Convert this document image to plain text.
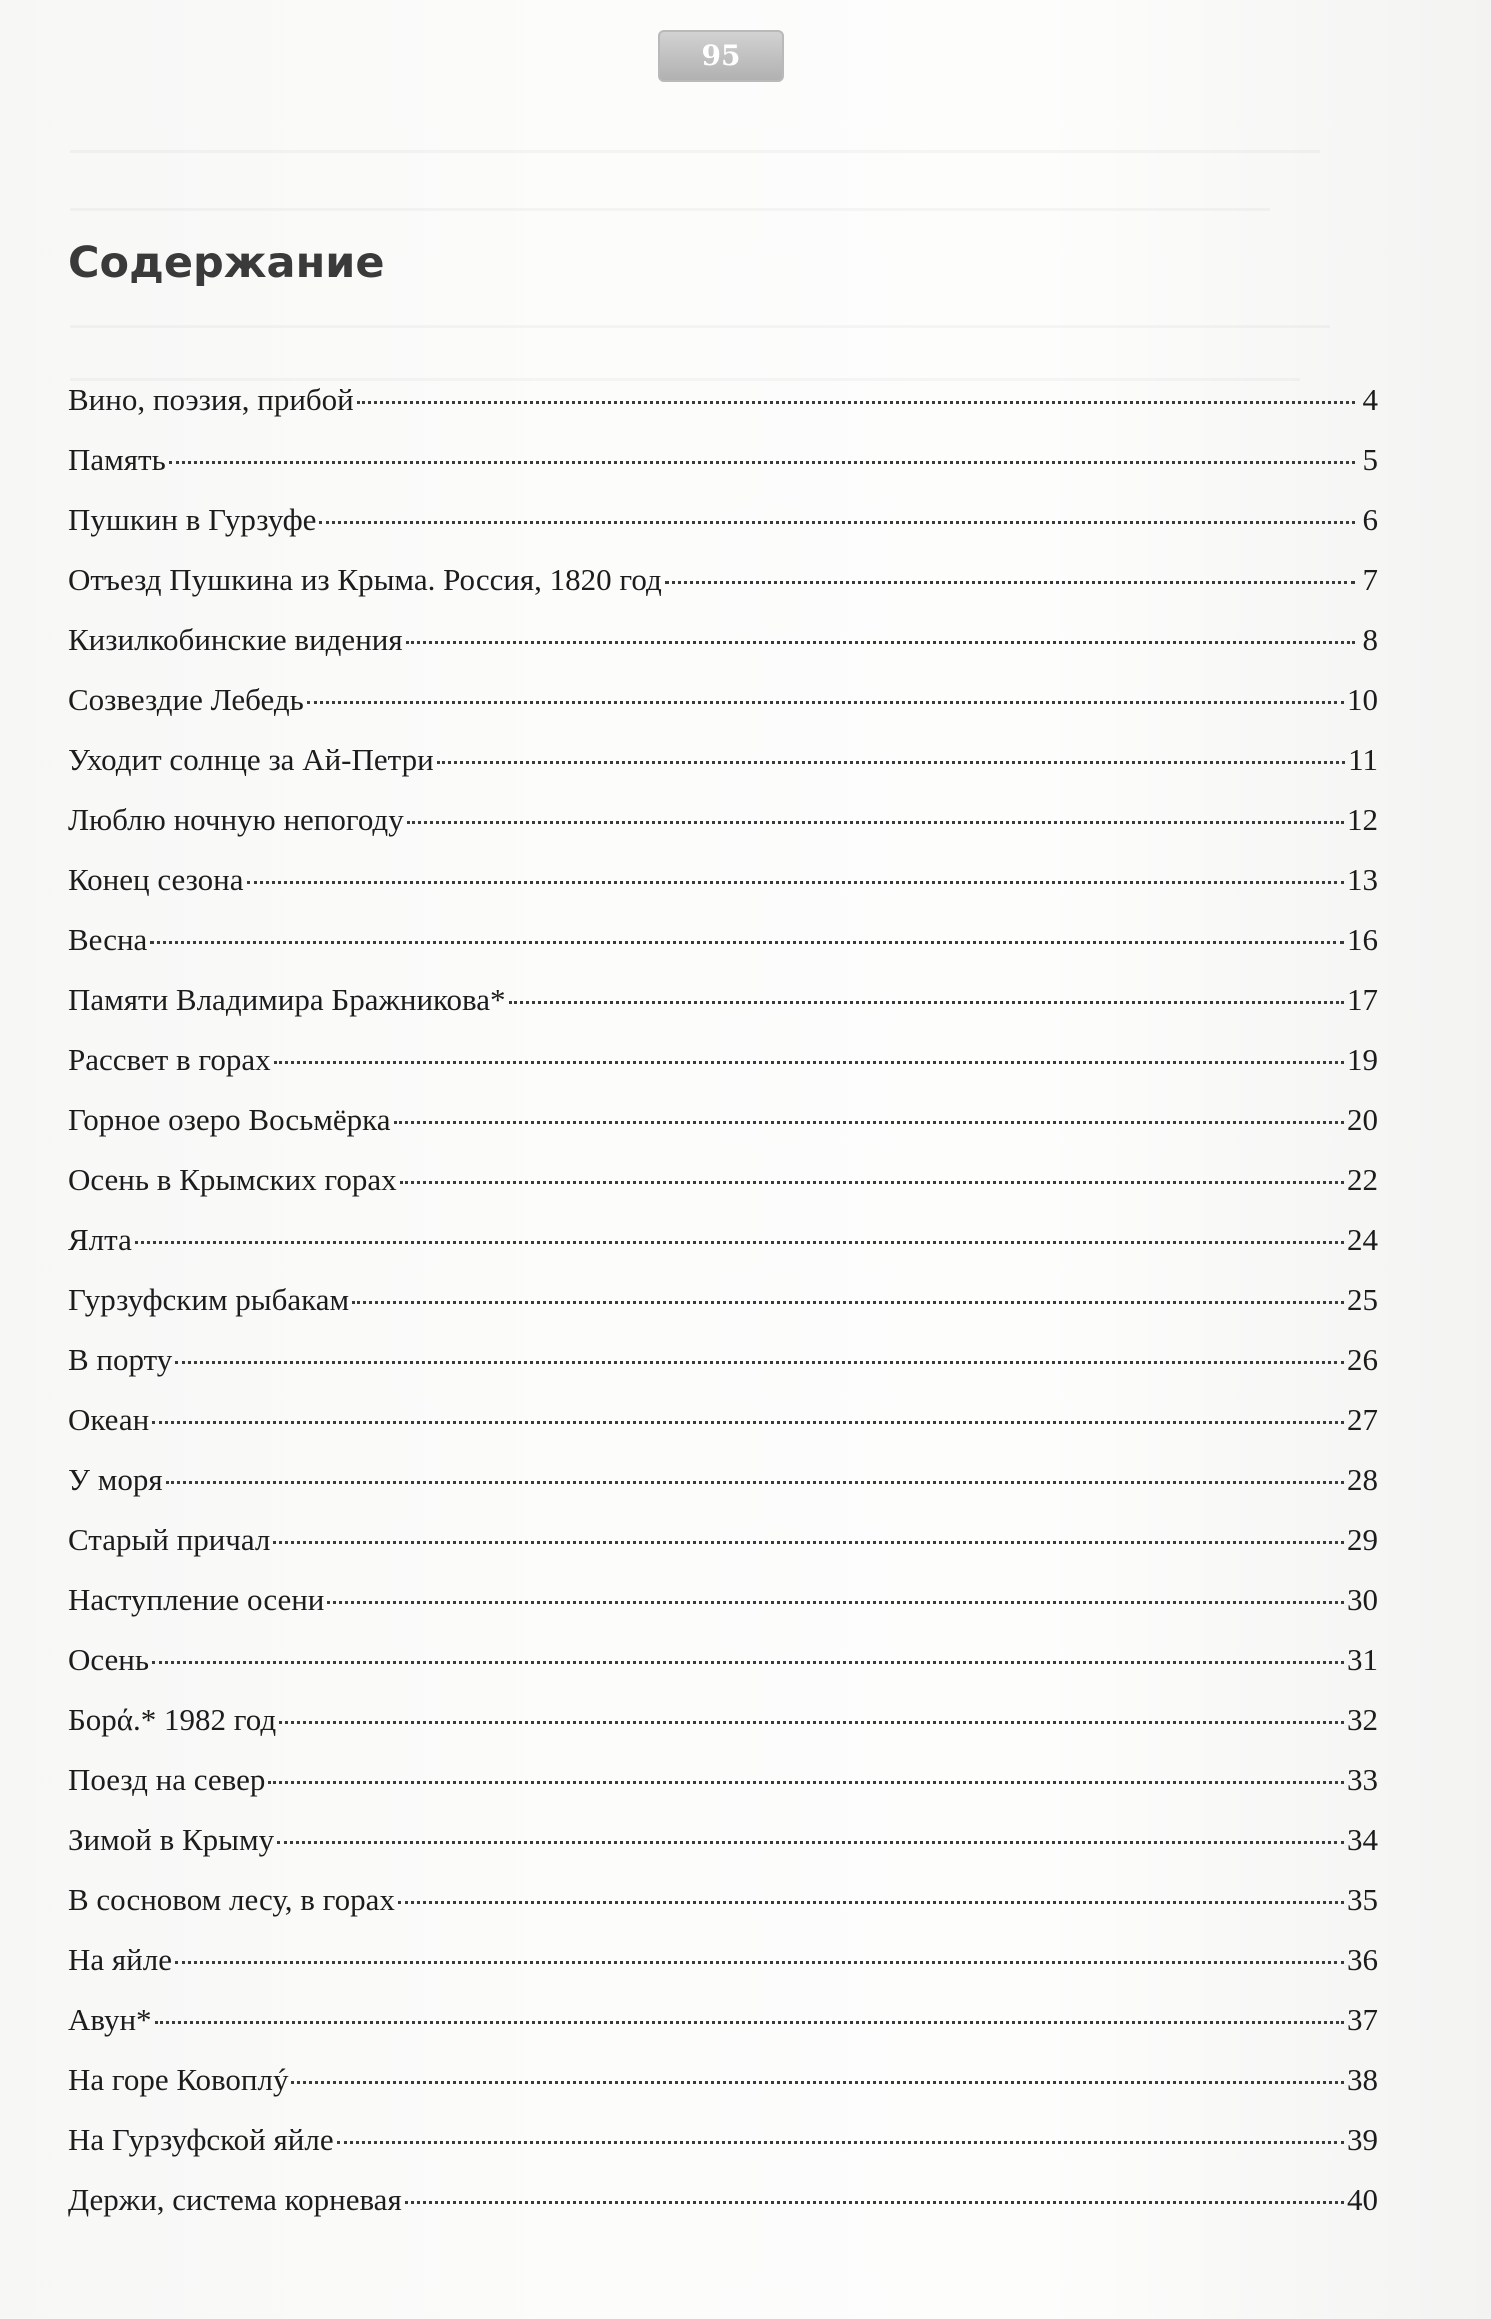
95
Содержание
Вино, поэзия, прибой	4
Память	5
Пушкин в Гурзуфе	6
Отъезд Пушкина из Крыма. Россия, 1820 год	7
Кизилкобинские видения	8
Созвездие Лебедь	10
Уходит солнце за Ай-Петри	11
Люблю ночную непогоду	12
Конец сезона	13
Весна	16
Памяти Владимира Бражникова*	17
Рассвет в горах	19
Горное озеро Восьмёрка	20
Осень в Крымских горах	22
Ялта	24
Гурзуфским рыбакам	25
В порту	26
Океан	27
У моря	28
Старый причал	29
Наступление осени	30
Осень	31
Борά.* 1982 год	32
Поезд на север	33
Зимой в Крыму	34
В сосновом лесу, в горах	35
На яйле	36
Авун*	37
На горе Ковоплý	38
На Гурзуфской яйле	39
Держи, система корневая	40
